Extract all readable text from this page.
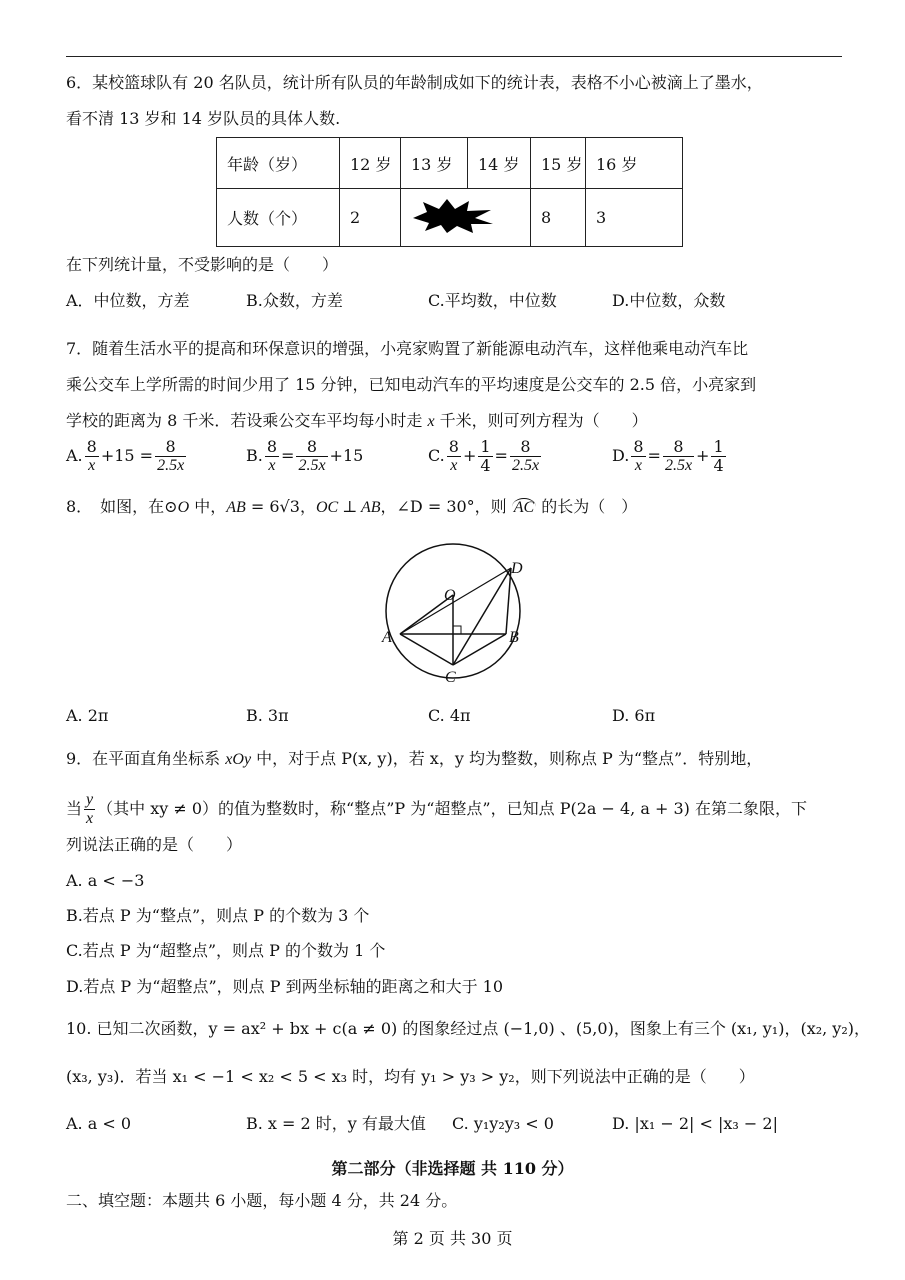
6．某校篮球队有 20 名队员，统计所有队员的年龄制成如下的统计表，表格不小心被滴上了墨水，
看不清 13 岁和 14 岁队员的具体人数.
年龄（岁）	12 岁	13 岁	14 岁	15 岁	16 岁
人数（个）	2			8	3
在下列统计量，不受影响的是（　　）
A．中位数，方差	B.众数，方差	C.平均数，中位数	D.中位数，众数
7．随着生活水平的提高和环保意识的增强，小亮家购置了新能源电动汽车，这样他乘电动汽车比
乘公交车上学所需的时间少用了 15 分钟，已知电动汽车的平均速度是公交车的 2.5 倍，小亮家到
学校的距离为 8 千米．若设乘公交车平均每小时走 x 千米，则可列方程为（　　）
A. $\frac{8}{x} +15 = \frac{8}{2.5x}$	B. $\frac{8}{x} = \frac{8}{2.5x} +15$	C. $\frac{8}{x} + \frac{1}{4} = \frac{8}{2.5x}$	D. $\frac{8}{x} = \frac{8}{2.5x} + \frac{1}{4}$
8．　如图，在⊙O 中，AB = 6√3，OC ⊥ AB，∠D = 30°，则 AC 的长为（　）
O
A	B
C
D
A. 2π	B. 3π	C. 4π	D. 6π
9．在平面直角坐标系 xOy 中，对于点 P(x, y)，若 x，y 均为整数，则称点 P 为“整点”．特别地，
当 $\frac{y}{x}$ （其中 xy ≠ 0）的值为整数时，称“整点”P 为“超整点”，已知点 P(2a − 4, a + 3) 在第二象限，下
列说法正确的是（　　）
A. a < −3
B.若点 P 为“整点”，则点 P 的个数为 3 个
C.若点 P 为“超整点”，则点 P 的个数为 1 个
D.若点 P 为“超整点”，则点 P 到两坐标轴的距离之和大于 10
10. 已知二次函数，y = ax² + bx + c(a ≠ 0) 的图象经过点 (−1,0) 、(5,0)，图象上有三个 (x₁, y₁)，(x₂, y₂)，
(x₃, y₃)．若当 x₁ < −1 < x₂ < 5 < x₃ 时，均有 y₁ > y₃ > y₂，则下列说法中正确的是（　　）
A. a < 0	B. x = 2 时，y 有最大值 C. y₁y₂y₃ < 0	D. |x₁ − 2| < |x₃ − 2|
第二部分（非选择题 共 110 分）
二、填空题：本题共 6 小题，每小题 4 分，共 24 分。
第 2 页 共 30 页
